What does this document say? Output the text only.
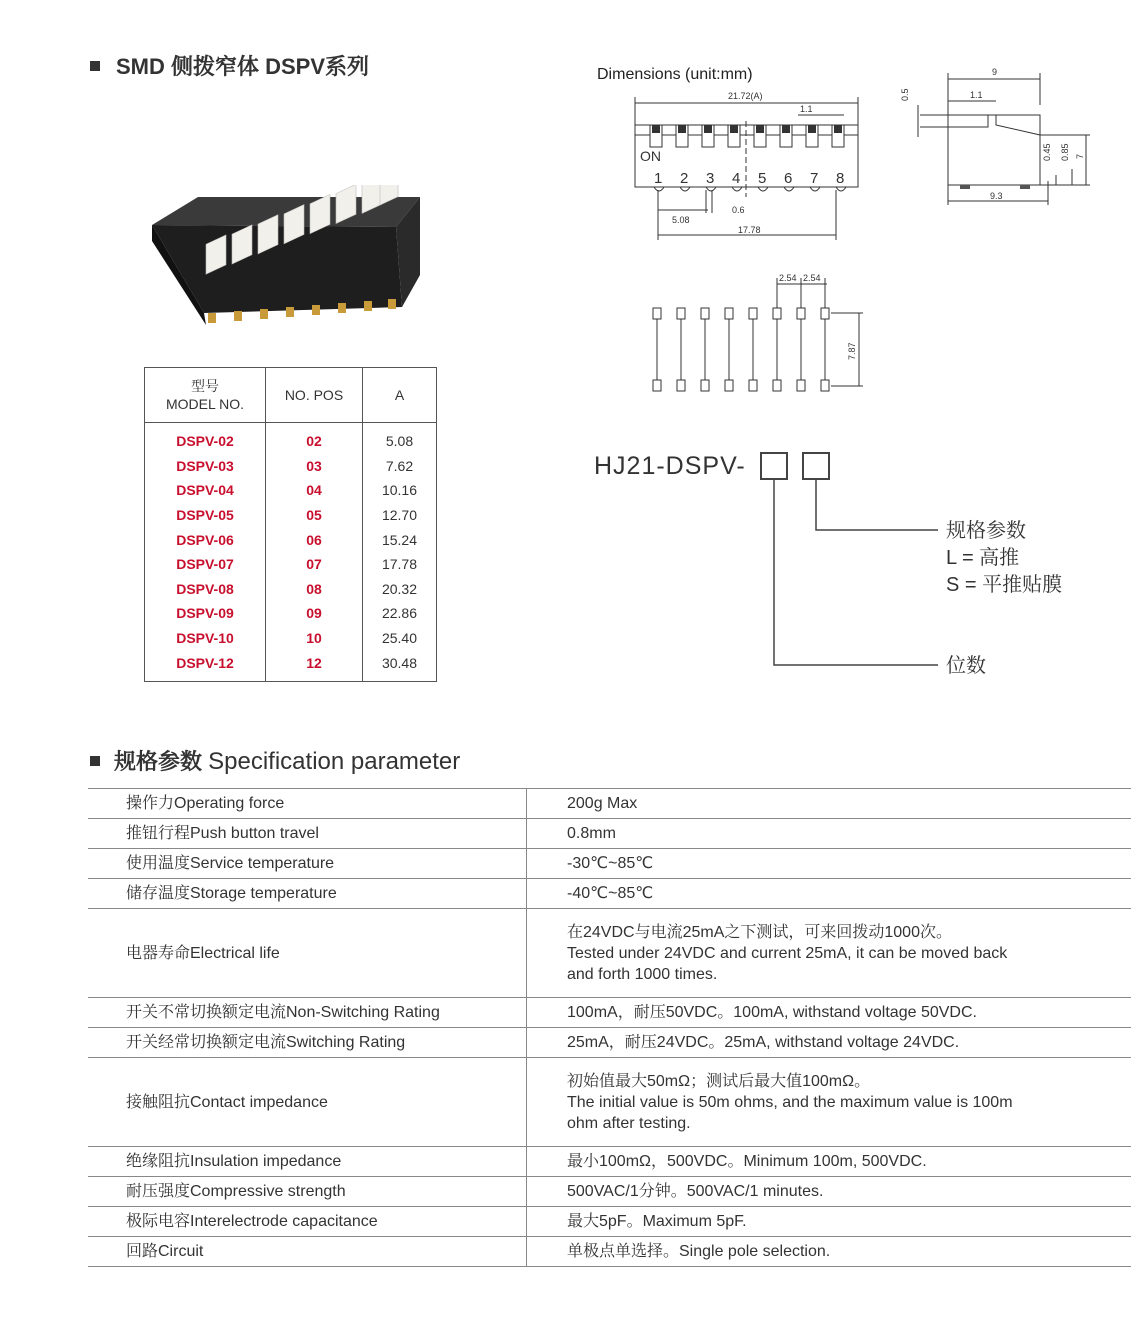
SMD 侧拨窄体 DSPV系列
型号
MODEL NO.	NO. POS	A
DSPV-02	02	5.08
DSPV-03	03	7.62
DSPV-04	04	10.16
DSPV-05	05	12.70
DSPV-06	06	15.24
DSPV-07	07	17.78
DSPV-08	08	20.32
DSPV-09	09	22.86
DSPV-10	10	25.40
DSPV-12	12	30.48
Dimensions (unit:mm)
21.72(A)
1.1
ON
5.08
0.6
17.78
1 2 3 4 5 6 7 8
9
1.1
9.3
0.5
0.45 0.85 7
2.54 2.54
7.87
HJ21-DSPV-
规格参数
L = 高推
S = 平推贴膜
位数
规格参数 Specification parameter
操作力Operating force	200g Max

推钮行程Push button travel	0.8mm

使用温度Service temperature	-30℃~85℃

储存温度Storage temperature	-40℃~85℃

电器寿命Electrical life	在24VDC与电流25mA之下测试，可来回拨动1000次。
Tested under 24VDC and current 25mA, it can be moved back
and forth 1000 times.

开关不常切换额定电流Non-Switching Rating	100mA，耐压50VDC。100mA, withstand voltage 50VDC.

开关经常切换额定电流Switching Rating	25mA，耐压24VDC。25mA, withstand voltage 24VDC.

接触阻抗Contact impedance	初始值最大50mΩ；测试后最大值100mΩ。
The initial value is 50m ohms, and the maximum value is 100m
ohm after testing.

绝缘阻抗Insulation impedance	最小100mΩ，500VDC。Minimum 100m, 500VDC.

耐压强度Compressive strength	500VAC/1分钟。500VAC/1 minutes.

极际电容Interelectrode capacitance	最大5pF。Maximum 5pF.

回路Circuit	单极点单选择。Single pole selection.
